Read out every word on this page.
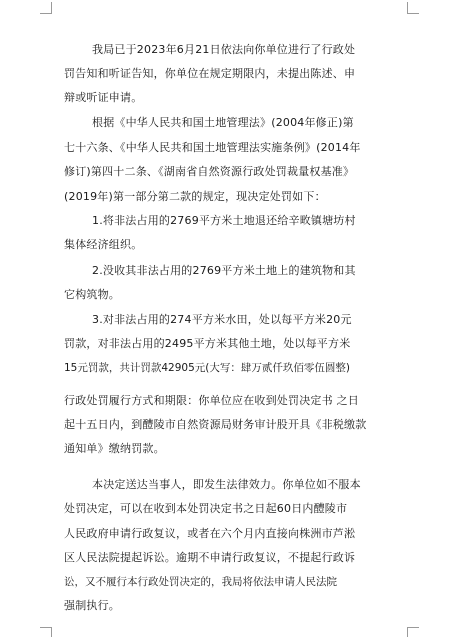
我局已于2023年6月21日依法向你单位进行了行政处
罚告知和听证告知，你单位在规定期限内，未提出陈述、申
辩或听证申请。
根据《中华人民共和国土地管理法》(2004年修正)第
七十六条、《中华人民共和国土地管理法实施条例》(2014年
修订)第四十二条、《湖南省自然资源行政处罚裁量权基准》
(2019年)第一部分第二款的规定，现决定处罚如下：
1.将非法占用的2769平方米土地退还给辛畋镇塘坊村
集体经济组织。
2.没收其非法占用的2769平方米土地上的建筑物和其
它构筑物。
3.对非法占用的274平方米水田，处以每平方米20元
罚款，对非法占用的2495平方米其他土地，处以每平方米
15元罚款，共计罚款42905元(大写：肆万贰仟玖佰零伍圆整)
行政处罚履行方式和期限：你单位应在收到处罚决定书 之日
起十五日内，到醴陵市自然资源局财务审计股开具《非税缴款
通知单》缴纳罚款。
本决定送达当事人，即发生法律效力。你单位如不服本
处罚决定，可以在收到本处罚决定书之日起60日内醴陵市
人民政府申请行政复议，或者在六个月内直接向株洲市芦淞
区人民法院提起诉讼。逾期不申请行政复议，不提起行政诉
讼，又不履行本行政处罚决定的，我局将依法申请人民法院
强制执行。
